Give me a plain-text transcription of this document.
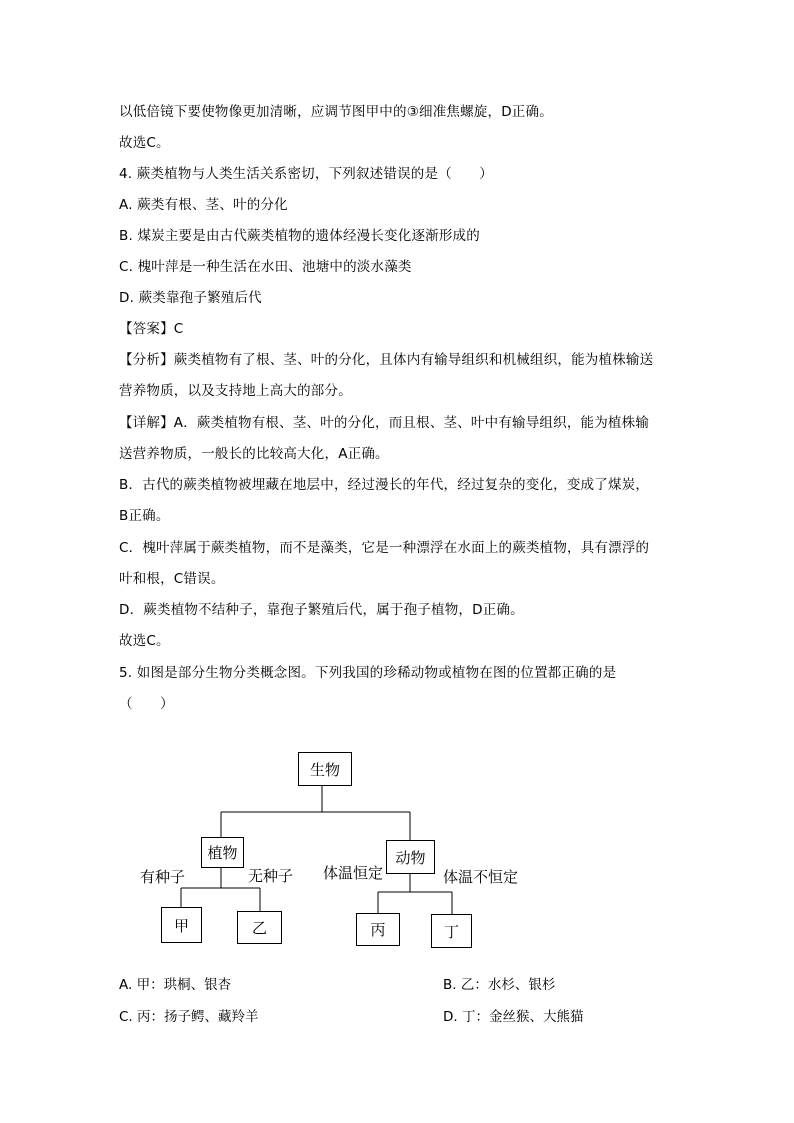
以低倍镜下要使物像更加清晰，应调节图甲中的③细准焦螺旋，D正确。
故选C。
4. 蕨类植物与人类生活关系密切，下列叙述错误的是（　　）
A. 蕨类有根、茎、叶的分化
B. 煤炭主要是由古代蕨类植物的遗体经漫长变化逐渐形成的
C. 槐叶萍是一种生活在水田、池塘中的淡水藻类
D. 蕨类靠孢子繁殖后代
【答案】C
【分析】蕨类植物有了根、茎、叶的分化，且体内有输导组织和机械组织，能为植株输送
营养物质，以及支持地上高大的部分。
【详解】A．蕨类植物有根、茎、叶的分化，而且根、茎、叶中有输导组织，能为植株输
送营养物质，一般长的比较高大化，A正确。
B．古代的蕨类植物被埋藏在地层中，经过漫长的年代，经过复杂的变化，变成了煤炭，
B正确。
C．槐叶萍属于蕨类植物，而不是藻类，它是一种漂浮在水面上的蕨类植物，具有漂浮的
叶和根，C错误。
D．蕨类植物不结种子，靠孢子繁殖后代，属于孢子植物，D正确。
故选C。
5. 如图是部分生物分类概念图。下列我国的珍稀动物或植物在图的位置都正确的是
（　　）
生物
植物	动物
甲	乙	丙	丁
有种子	无种子 体温恒定	体温不恒定
A. 甲：珙桐、银杏	B. 乙：水杉、银杉
C. 丙：扬子鳄、藏羚羊	D. 丁：金丝猴、大熊猫
